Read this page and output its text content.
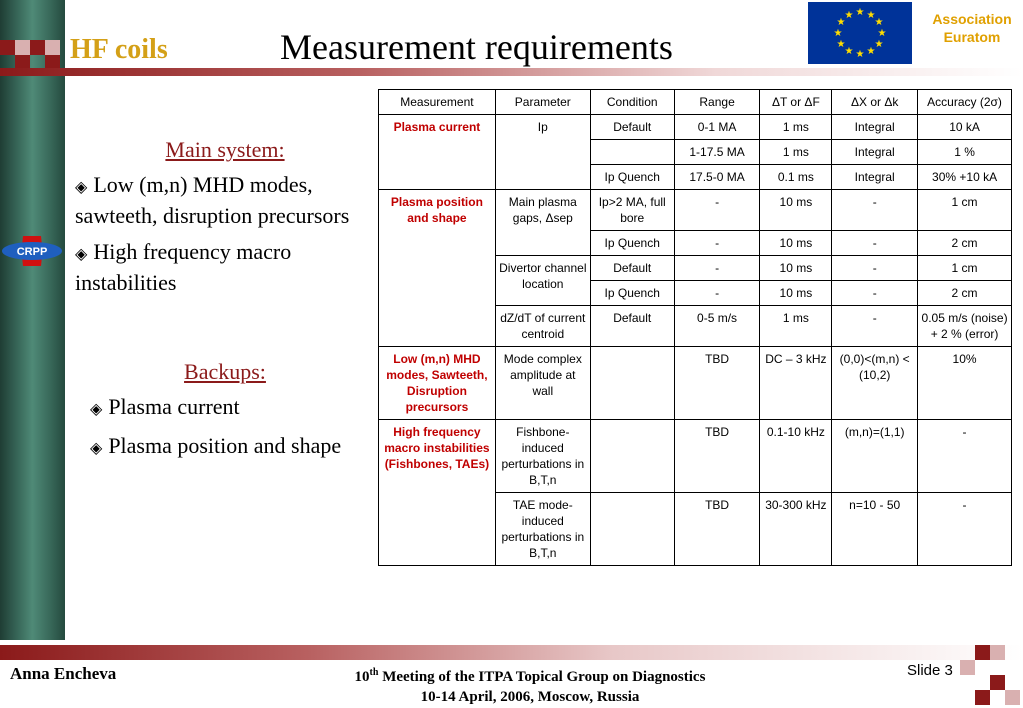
CRPP
HF coils	Measurement requirements
★ ★
★
★
★
★
★
★
★
★
★
★	Association
Euratom
Main system:
◈ Low (m,n) MHD modes, sawteeth, disruption precursors
◈ High frequency macro instabilities
Backups:
◈ Plasma current
◈ Plasma position and shape
Measurement	Parameter	Condition	Range	ΔT or ΔF	ΔX or Δk	Accuracy (2σ)
Plasma current	Ip	Default	0-1 MA	1 ms	Integral	10 kA
			1-17.5 MA	1 ms	Integral	1 %
		Ip Quench	17.5-0 MA	0.1 ms	Integral	30% +10 kA
Plasma position and shape	Main plasma gaps, Δsep	Ip>2 MA, full bore	-	10 ms	-	1 cm
		Ip Quench	-	10 ms	-	2 cm
	Divertor channel location	Default	-	10 ms	-	1 cm
		Ip Quench	-	10 ms	-	2 cm
	dZ/dT of current centroid	Default	0-5 m/s	1 ms	-	0.05 m/s (noise) + 2 % (error)
Low (m,n) MHD modes, Sawteeth, Disruption precursors	Mode complex amplitude at wall		TBD	DC – 3 kHz	(0,0)<(m,n) < (10,2)	10%
High frequency macro instabilities (Fishbones, TAEs)	Fishbone-induced perturbations in B,T,n		TBD	0.1-10 kHz	(m,n)=(1,1)	-
	TAE mode-induced perturbations in B,T,n		TBD	30-300 kHz	n=10 - 50	-
Anna Encheva	10th Meeting of the ITPA Topical Group on Diagnostics
10-14 April, 2006, Moscow, Russia
Slide 3
